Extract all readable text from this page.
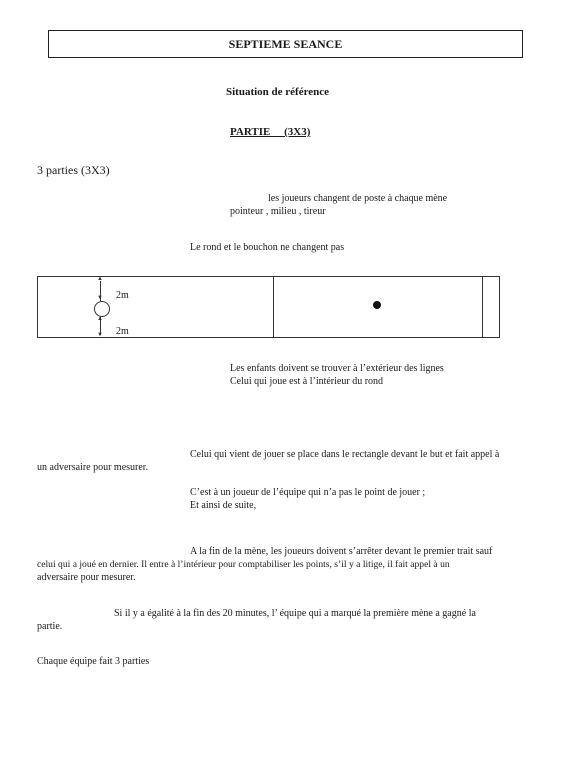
SEPTIEME SEANCE
Situation de référence
PARTIE     (3X3)
3 parties (3X3)
les joueurs changent de poste à chaque mène
pointeur , milieu , tireur
Le rond et le bouchon ne changent pas
▲
▼
▲
▼
2m
2m
Les enfants doivent se trouver à l’extérieur des lignes
Celui qui joue est à l’intérieur du rond
Celui qui vient de jouer se place dans le rectangle devant le but et fait appel à
un adversaire pour mesurer.
C’est à un joueur de l’équipe qui n’a pas le point de jouer ;
Et ainsi de suite,
A la fin de la mène, les joueurs doivent s’arrêter devant le premier trait sauf
celui qui a joué en dernier. Il entre à l’intérieur pour comptabiliser les points, s’il y a litige, il fait appel à un
adversaire pour mesurer.
Si il y a égalité à la fin des 20 minutes, l’ équipe qui a marqué la première mène a gagné la
partie.
Chaque équipe fait 3 parties
